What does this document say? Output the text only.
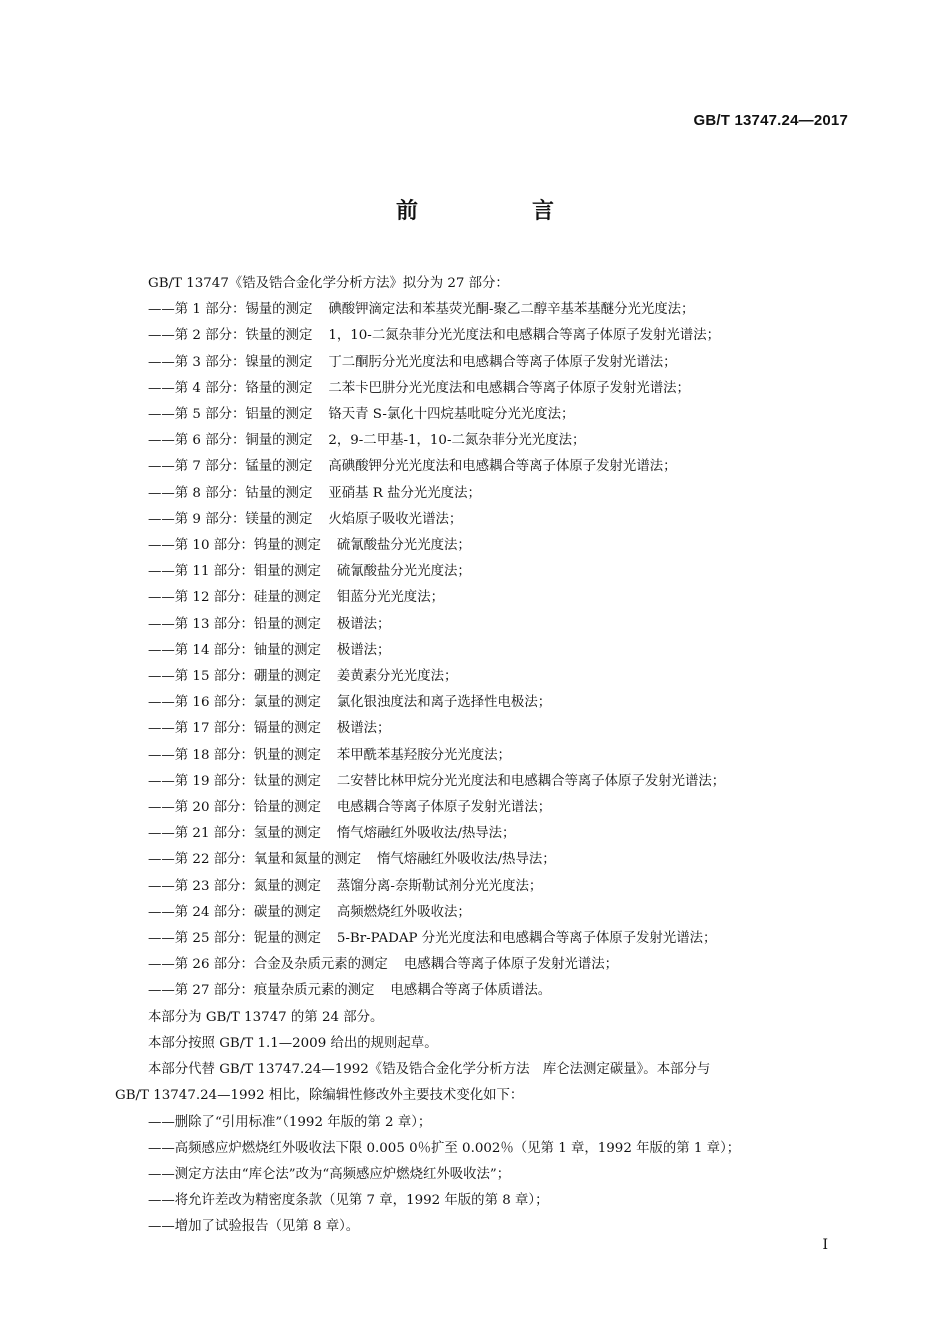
GB/T 13747.24—2017
前　言
GB/T 13747《锆及锆合金化学分析方法》拟分为 27 部分：
——第 1 部分：锡量的测定 碘酸钾滴定法和苯基荧光酮-聚乙二醇辛基苯基醚分光光度法；
——第 2 部分：铁量的测定 1，10-二氮杂菲分光光度法和电感耦合等离子体原子发射光谱法；
——第 3 部分：镍量的测定 丁二酮肟分光光度法和电感耦合等离子体原子发射光谱法；
——第 4 部分：铬量的测定 二苯卡巴肼分光光度法和电感耦合等离子体原子发射光谱法；
——第 5 部分：铝量的测定 铬天青 S-氯化十四烷基吡啶分光光度法；
——第 6 部分：铜量的测定 2，9-二甲基-1，10-二氮杂菲分光光度法；
——第 7 部分：锰量的测定 高碘酸钾分光光度法和电感耦合等离子体原子发射光谱法；
——第 8 部分：钴量的测定 亚硝基 R 盐分光光度法；
——第 9 部分：镁量的测定 火焰原子吸收光谱法；
——第 10 部分：钨量的测定 硫氰酸盐分光光度法；
——第 11 部分：钼量的测定 硫氰酸盐分光光度法；
——第 12 部分：硅量的测定 钼蓝分光光度法；
——第 13 部分：铅量的测定 极谱法；
——第 14 部分：铀量的测定 极谱法；
——第 15 部分：硼量的测定 姜黄素分光光度法；
——第 16 部分：氯量的测定 氯化银浊度法和离子选择性电极法；
——第 17 部分：镉量的测定 极谱法；
——第 18 部分：钒量的测定 苯甲酰苯基羟胺分光光度法；
——第 19 部分：钛量的测定 二安替比林甲烷分光光度法和电感耦合等离子体原子发射光谱法；
——第 20 部分：铪量的测定 电感耦合等离子体原子发射光谱法；
——第 21 部分：氢量的测定 惰气熔融红外吸收法/热导法；
——第 22 部分：氧量和氮量的测定 惰气熔融红外吸收法/热导法；
——第 23 部分：氮量的测定 蒸馏分离-奈斯勒试剂分光光度法；
——第 24 部分：碳量的测定 高频燃烧红外吸收法；
——第 25 部分：铌量的测定 5-Br-PADAP 分光光度法和电感耦合等离子体原子发射光谱法；
——第 26 部分：合金及杂质元素的测定 电感耦合等离子体原子发射光谱法；
——第 27 部分：痕量杂质元素的测定 电感耦合等离子体质谱法。
本部分为 GB/T 13747 的第 24 部分。
本部分按照 GB/T 1.1—2009 给出的规则起草。
本部分代替 GB/T 13747.24—1992《锆及锆合金化学分析方法　库仑法测定碳量》。本部分与
GB/T 13747.24—1992 相比，除编辑性修改外主要技术变化如下：
——删除了“引用标准”（1992 年版的第 2 章）；
——高频感应炉燃烧红外吸收法下限 0.005 0％扩至 0.002％（见第 1 章，1992 年版的第 1 章）；
——测定方法由“库仑法”改为“高频感应炉燃烧红外吸收法”；
——将允许差改为精密度条款（见第 7 章，1992 年版的第 8 章）；
——增加了试验报告（见第 8 章）。
I
